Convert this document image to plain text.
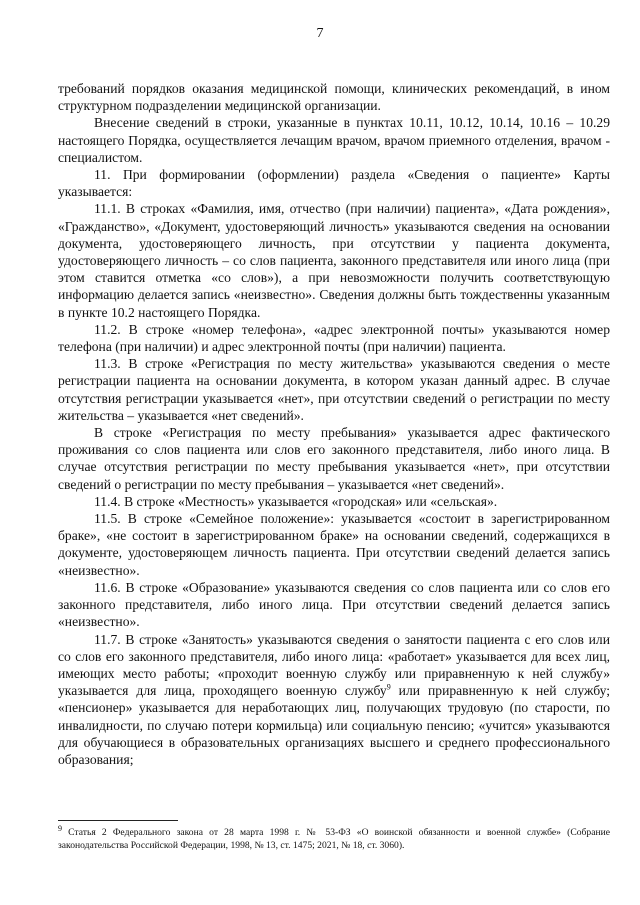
7

требований порядков оказания медицинской помощи, клинических рекомендаций, в ином структурном подразделении медицинской организации.

Внесение сведений в строки, указанные в пунктах 10.11, 10.12, 10.14, 10.16 – 10.29 настоящего Порядка, осуществляется лечащим врачом, врачом приемного отделения, врачом - специалистом.

11. При формировании (оформлении) раздела «Сведения о пациенте» Карты указывается:

11.1. В строках «Фамилия, имя, отчество (при наличии) пациента», «Дата рождения», «Гражданство», «Документ, удостоверяющий личность» указываются сведения на основании документа, удостоверяющего личность, при отсутствии у пациента документа, удостоверяющего личность – со слов пациента, законного представителя или иного лица (при этом ставится отметка «со слов»), а при невозможности получить соответствующую информацию делается запись «неизвестно». Сведения должны быть тождественны указанным в пункте 10.2 настоящего Порядка.

11.2. В строке «номер телефона», «адрес электронной почты» указываются номер телефона (при наличии) и адрес электронной почты (при наличии) пациента.

11.3. В строке «Регистрация по месту жительства» указываются сведения о месте регистрации пациента на основании документа, в котором указан данный адрес. В случае отсутствия регистрации указывается «нет», при отсутствии сведений о регистрации по месту жительства – указывается «нет сведений».

В строке «Регистрация по месту пребывания» указывается адрес фактического проживания со слов пациента или слов его законного представителя, либо иного лица. В случае отсутствия регистрации по месту пребывания указывается «нет», при отсутствии сведений о регистрации по месту пребывания – указывается «нет сведений».

11.4. В строке «Местность» указывается «городская» или «сельская».

11.5. В строке «Семейное положение»: указывается «состоит в зарегистрированном браке», «не состоит в зарегистрированном браке» на основании сведений, содержащихся в документе, удостоверяющем личность пациента. При отсутствии сведений делается запись «неизвестно».

11.6. В строке «Образование» указываются сведения со слов пациента или со слов его законного представителя, либо иного лица. При отсутствии сведений делается запись «неизвестно».

11.7. В строке «Занятость» указываются сведения о занятости пациента с его слов или со слов его законного представителя, либо иного лица: «работает» указывается для всех лиц, имеющих место работы; «проходит военную службу или приравненную к ней службу» указывается для лица, проходящего военную службу$^9$ или приравненную к ней службу; «пенсионер» указывается для неработающих лиц, получающих трудовую (по старости, по инвалидности, по случаю потери кормильца) или социальную пенсию; «учится» указываются для обучающиеся в образовательных организациях высшего и среднего профессионального образования;

$^9$ Статья 2 Федерального закона от 28 марта 1998 г. № 53-ФЗ «О воинской обязанности и военной службе» (Собрание законодательства Российской Федерации, 1998, № 13, ст. 1475; 2021, № 18, ст. 3060).
